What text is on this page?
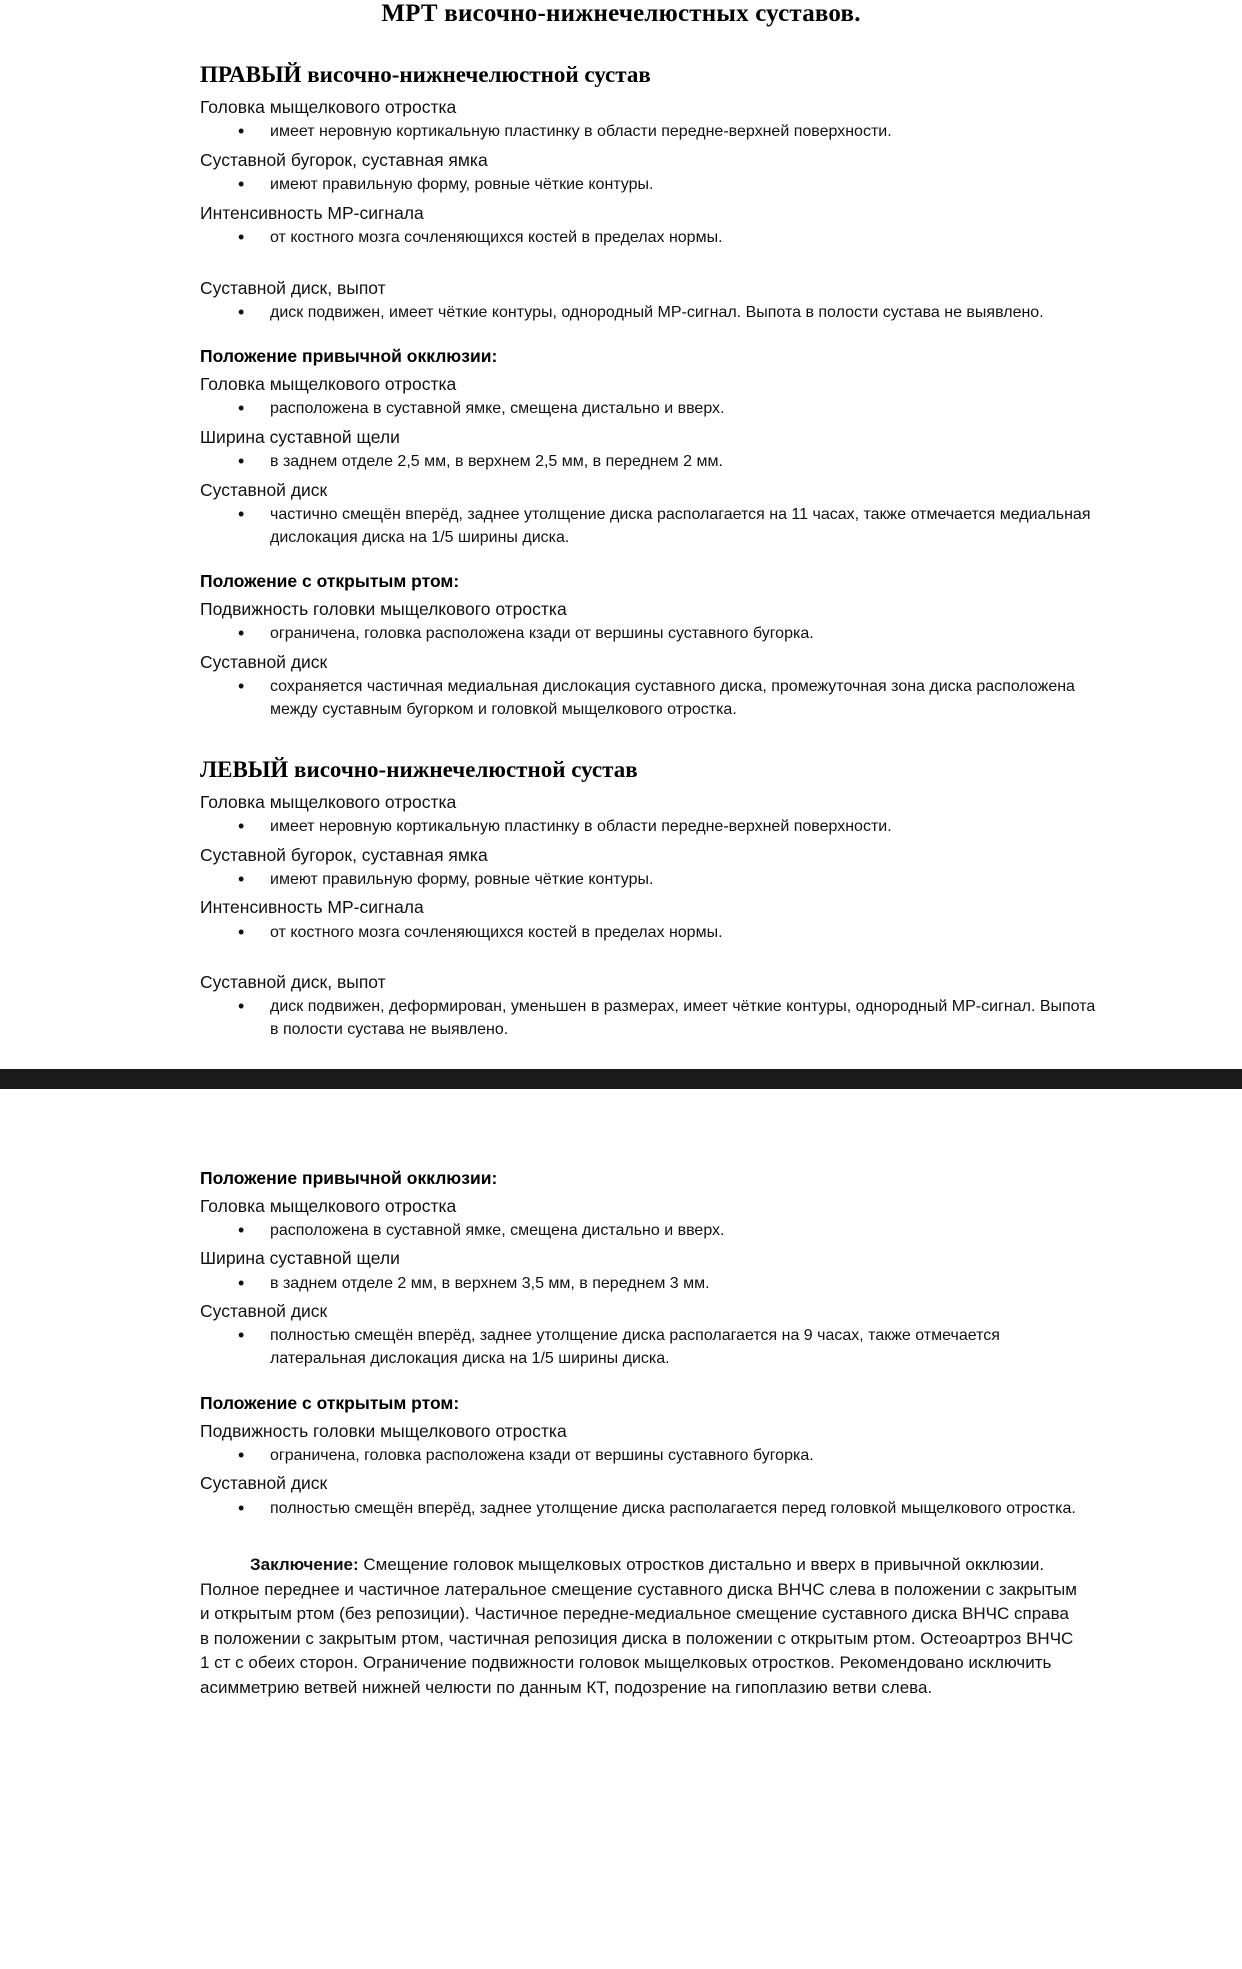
МРТ височно-нижнечелюстных суставов.
ПРАВЫЙ височно-нижнечелюстной сустав

Головка мыщелкового отростка

• имеет неровную кортикальную пластинку в области передне-верхней поверхности.

Суставной бугорок, суставная ямка

• имеют правильную форму, ровные чёткие контуры.

Интенсивность МР-сигнала

• от костного мозга сочленяющихся костей в пределах нормы.

Суставной диск, выпот

• диск подвижен, имеет чёткие контуры, однородный МР-сигнал. Выпота в полости сустава не выявлено.
Положение привычной окклюзии:

Головка мыщелкового отростка

• расположена в суставной ямке, смещена дистально и вверх.

Ширина суставной щели

• в заднем отделе 2,5 мм, в верхнем 2,5 мм, в переднем 2 мм.

Суставной диск

• частично смещён вперёд, заднее утолщение диска располагается на 11 часах, также отмечается медиальная дислокация диска на 1/5 ширины диска.
Положение с открытым ртом:

Подвижность головки мыщелкового отростка

• ограничена, головка расположена кзади от вершины суставного бугорка.

Суставной диск

• сохраняется частичная медиальная дислокация суставного диска, промежуточная зона диска расположена между суставным бугорком и головкой мыщелкового отростка.
ЛЕВЫЙ височно-нижнечелюстной сустав

Головка мыщелкового отростка

• имеет неровную кортикальную пластинку в области передне-верхней поверхности.

Суставной бугорок, суставная ямка

• имеют правильную форму, ровные чёткие контуры.

Интенсивность МР-сигнала

• от костного мозга сочленяющихся костей в пределах нормы.

Суставной диск, выпот

• диск подвижен, деформирован, уменьшен в размерах, имеет чёткие контуры, однородный МР-сигнал. Выпота в полости сустава не выявлено.
Положение привычной окклюзии:

Головка мыщелкового отростка

• расположена в суставной ямке, смещена дистально и вверх.

Ширина суставной щели

• в заднем отделе 2 мм, в верхнем 3,5 мм, в переднем 3 мм.

Суставной диск

• полностью смещён вперёд, заднее утолщение диска располагается на 9 часах, также отмечается латеральная дислокация диска на 1/5 ширины диска.
Положение с открытым ртом:

Подвижность головки мыщелкового отростка

• ограничена, головка расположена кзади от вершины суставного бугорка.

Суставной диск

• полностью смещён вперёд, заднее утолщение диска располагается перед головкой мыщелкового отростка.

Заключение: Смещение головок мыщелковых отростков дистально и вверх в привычной окклюзии. Полное переднее и частичное латеральное смещение суставного диска ВНЧС слева в положении с закрытым и открытым ртом (без репозиции). Частичное передне-медиальное смещение суставного диска ВНЧС справа в положении с закрытым ртом, частичная репозиция диска в положении с открытым ртом. Остеоартроз ВНЧС 1 ст с обеих сторон. Ограничение подвижности головок мыщелковых отростков. Рекомендовано исключить асимметрию ветвей нижней челюсти по данным КТ, подозрение на гипоплазию ветви слева.
